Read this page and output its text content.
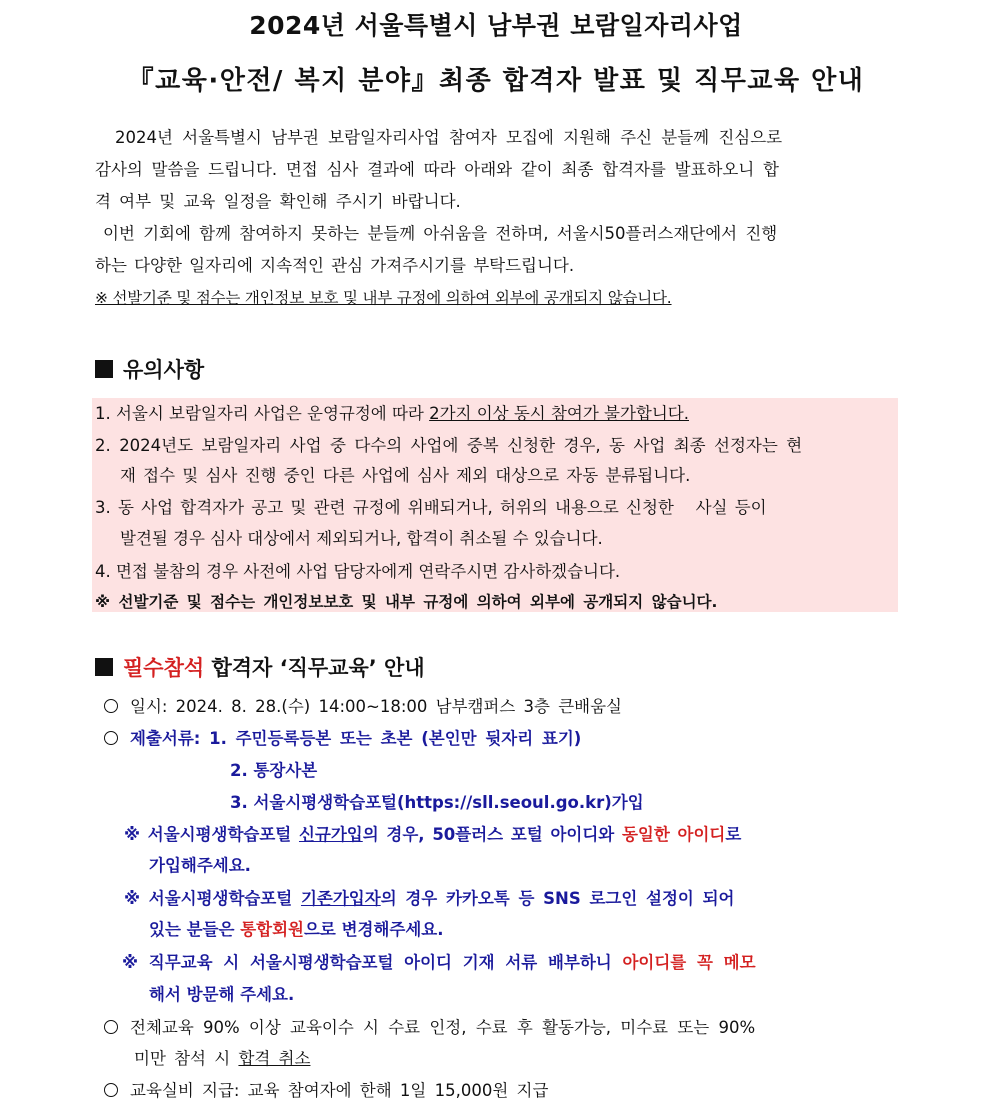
2024년 서울특별시 남부권 보람일자리사업
『교육·안전/ 복지 분야』최종 합격자 발표 및 직무교육 안내
2024년 서울특별시 남부권 보람일자리사업 참여자 모집에 지원해 주신 분들께 진심으로
감사의 말씀을 드립니다. 면접 심사 결과에 따라 아래와 같이 최종 합격자를 발표하오니 합
격 여부 및 교육 일정을 확인해 주시기 바랍니다.
이번 기회에 함께 참여하지 못하는 분들께 아쉬움을 전하며, 서울시50플러스재단에서 진행
하는 다양한 일자리에 지속적인 관심 가져주시기를 부탁드립니다.
※ 선발기준 및 점수는 개인정보 보호 및 내부 규정에 의하여 외부에 공개되지 않습니다.
유의사항
1. 서울시 보람일자리 사업은 운영규정에 따라 2가지 이상 동시 참여가 불가합니다.
2. 2024년도 보람일자리 사업 중 다수의 사업에 중복 신청한 경우, 동 사업 최종 선정자는 현
재 접수 및 심사 진행 중인 다른 사업에 심사 제외 대상으로 자동 분류됩니다.
3. 동 사업 합격자가 공고 및 관련 규정에 위배되거나, 허위의 내용으로 신청한   사실 등이
발견될 경우 심사 대상에서 제외되거나, 합격이 취소될 수 있습니다.
4. 면접 불참의 경우 사전에 사업 담당자에게 연락주시면 감사하겠습니다.
※ 선발기준 및 점수는 개인정보보호 및 내부 규정에 의하여 외부에 공개되지 않습니다.
필수참석 합격자 ‘직무교육’ 안내
일시: 2024. 8. 28.(수) 14:00~18:00 남부캠퍼스 3층 큰배움실
제출서류: 1. 주민등록등본 또는 초본 (본인만 뒷자리 표기)
2. 통장사본
3. 서울시평생학습포털(https://sll.seoul.go.kr)가입
※ 서울시평생학습포털 신규가입의 경우, 50플러스 포털 아이디와 동일한 아이디로
가입해주세요.
※ 서울시평생학습포털 기존가입자의 경우 카카오톡 등 SNS 로그인 설정이 되어
있는 분들은 통합회원으로 변경해주세요.
※ 직무교육 시 서울시평생학습포털 아이디 기재 서류 배부하니 아이디를 꼭 메모
해서 방문해 주세요.
전체교육 90% 이상 교육이수 시 수료 인정, 수료 후 활동가능, 미수료 또는 90%
미만 참석 시 합격 취소
교육실비 지급: 교육 참여자에 한해 1일 15,000원 지급
